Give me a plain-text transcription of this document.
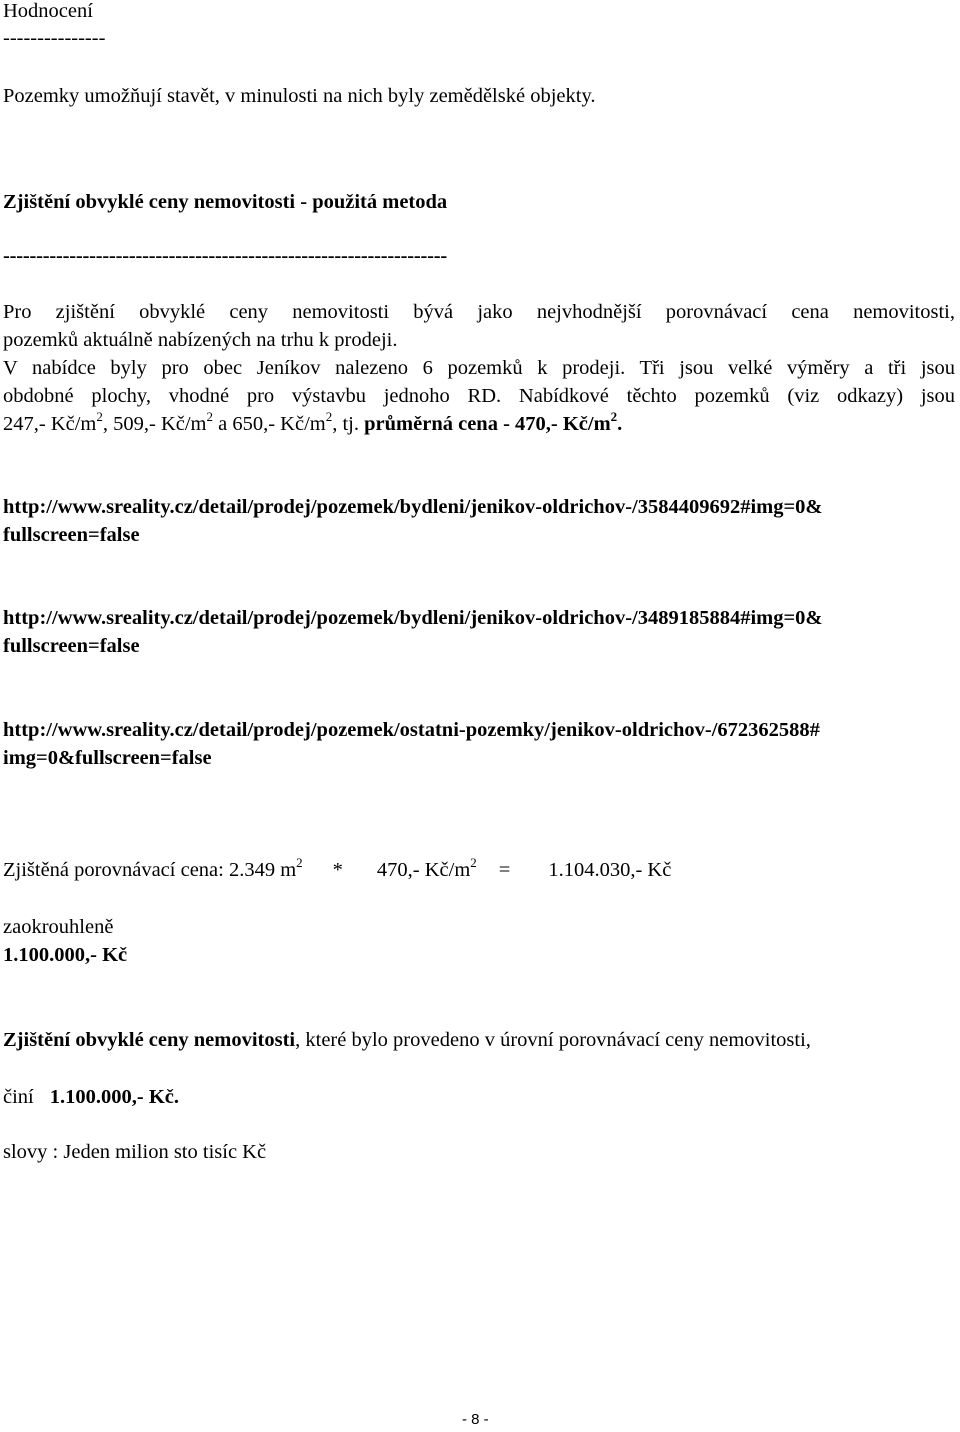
Hodnocení
---------------
Pozemky umožňují stavět, v minulosti na nich byly zemědělské objekty.
Zjištění obvyklé ceny nemovitosti - použitá metoda
-------------------------------------------------------------------
Pro zjištění obvyklé ceny nemovitosti bývá jako nejvhodnější porovnávací cena nemovitosti,
pozemků aktuálně nabízených na trhu k prodeji.
V nabídce byly pro obec Jeníkov nalezeno 6 pozemků k prodeji. Tři jsou velké výměry a tři jsou
obdobné plochy, vhodné pro výstavbu jednoho RD. Nabídkové těchto pozemků (viz odkazy) jsou
247,- $Kč/m^2$, 509,- $Kč/m^2$ a 650,- $Kč/m^2$, tj. průměrná cena - 470,- $Kč/m^2$.
http://www.sreality.cz/detail/prodej/pozemek/bydleni/jenikov-oldrichov-/3584409692#img=0&
fullscreen=false
http://www.sreality.cz/detail/prodej/pozemek/bydleni/jenikov-oldrichov-/3489185884#img=0&
fullscreen=false
http://www.sreality.cz/detail/prodej/pozemek/ostatni-pozemky/jenikov-oldrichov-/672362588#
img=0&fullscreen=false
Zjištěná porovnávací cena: 2.349 $m^2 * 470,-$ $Kč/m^2 = 1.104.030,-$ Kč
zaokrouhleně
1.100.000,- Kč
Zjištění obvyklé ceny nemovitosti, které bylo provedeno v úrovní porovnávací ceny nemovitosti,
činí 1.100.000,- Kč.
slovy : Jeden milion sto tisíc Kč
- 8 -
